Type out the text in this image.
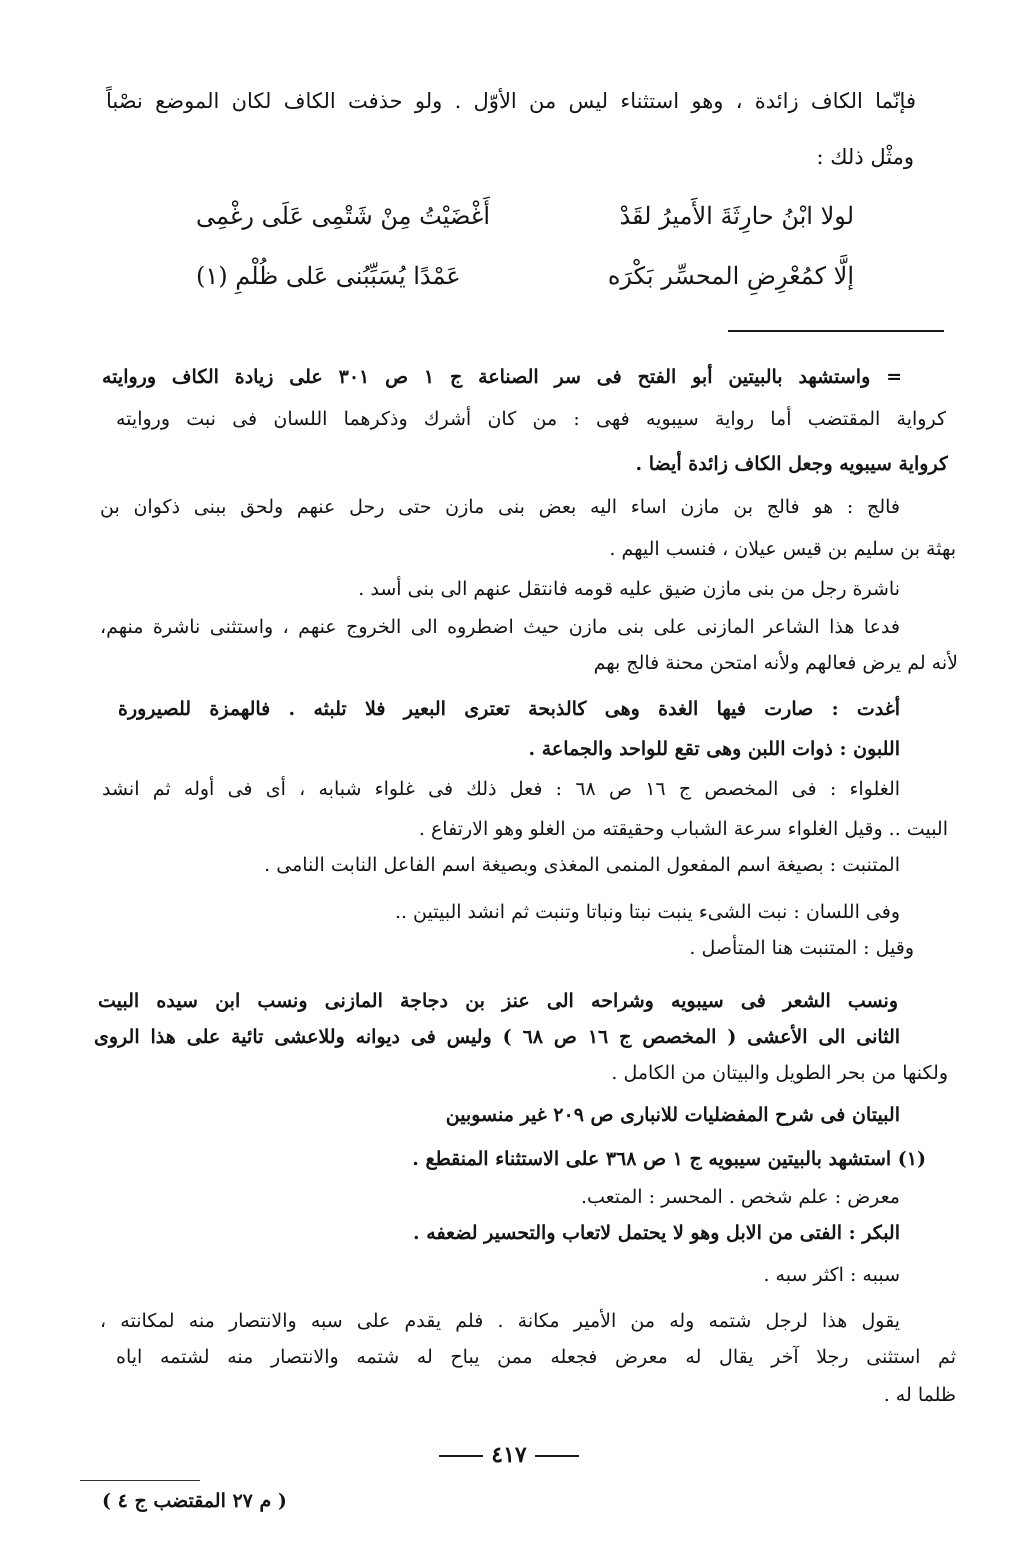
فإنّما الكاف زائدة ، وهو استثناء ليس من الأوّل . ولو حذفت الكاف لكان الموضع نصْباً
ومثْل ذلك :
لولا ابْنُ حارِثَةَ الأَميرُ لقَدْ
أَغْضَيْتُ مِنْ شَتْمِى عَلَى رغْمِى
إلَّا كمُعْرِضِ المحسِّر بَكْرَه
عَمْدًا يُسَبِّبُنى عَلى ظُلْمِ (١)
= واستشهد بالبيتين أبو الفتح فى سر الصناعة ج ١ ص ٣٠١ على زيادة الكاف وروايته
كرواية المقتضب أما رواية سيبويه فهى : من كان أشرك وذكرهما اللسان فى نبت وروايته
كرواية سيبويه وجعل الكاف زائدة أيضا .
فالج : هو فالج بن مازن اساء اليه بعض بنى مازن حتى رحل عنهم ولحق ببنى ذكوان بن
بهثة بن سليم بن قيس عيلان ، فنسب اليهم .
ناشرة رجل من بنى مازن ضيق عليه قومه فانتقل عنهم الى بنى أسد .
فدعا هذا الشاعر المازنى على بنى مازن حيث اضطروه الى الخروج عنهم ، واستثنى ناشرة منهم،
لأنه لم يرض فعالهم ولأنه امتحن محنة فالج بهم
أغدت : صارت فيها الغدة وهى كالذبحة تعترى البعير فلا تلبثه . فالهمزة للصيرورة
اللبون : ذوات اللبن وهى تقع للواحد والجماعة .
الغلواء : فى المخصص ج ١٦ ص ٦٨ : فعل ذلك فى غلواء شبابه ، أى فى أوله ثم انشد
البيت .. وقيل الغلواء سرعة الشباب وحقيقته من الغلو وهو الارتفاع .
المتنبت : بصيغة اسم المفعول المنمى المغذى وبصيغة اسم الفاعل النابت النامى .
وفى اللسان : نبت الشىء ينبت نبتا ونباتا وتنبت ثم انشد البيتين ..
وقيل : المتنبت هنا المتأصل .
ونسب الشعر فى سيبويه وشراحه الى عنز بن دجاجة المازنى ونسب ابن سيده البيت
الثانى الى الأعشى ( المخصص ج ١٦ ص ٦٨ ) وليس فى ديوانه وللاعشى تائية على هذا الروى
ولكنها من بحر الطويل والبيتان من الكامل .
البيتان فى شرح المفضليات للانبارى ص ٢٠٩ غير منسوبين
(١) استشهد بالبيتين سيبويه ج ١ ص ٣٦٨ على الاستثناء المنقطع .
معرض : علم شخص . المحسر : المتعب.
البكر : الفتى من الابل وهو لا يحتمل لاتعاب والتحسير لضعفه .
سببه : اكثر سبه .
يقول هذا لرجل شتمه وله من الأمير مكانة . فلم يقدم على سبه والانتصار منه لمكانته ،
ثم استثنى رجلا آخر يقال له معرض فجعله ممن يباح له شتمه والانتصار منه لشتمه اياه
ظلما له .
٤١٧
( م ٢٧ المقتضب ج ٤ )
